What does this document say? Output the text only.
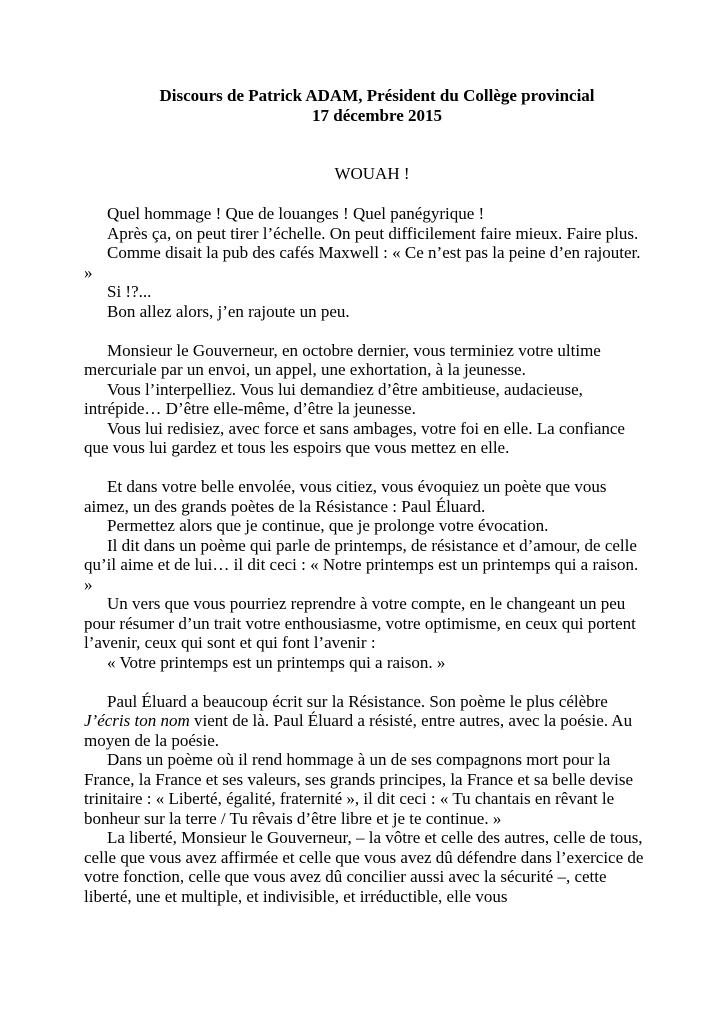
Discours de Patrick ADAM, Président du Collège provincial
17 décembre 2015
WOUAH !

Quel hommage ! Que de louanges ! Quel panégyrique !

Après ça, on peut tirer l’échelle. On peut difficilement faire mieux. Faire plus.

Comme disait la pub des cafés Maxwell : « Ce n’est pas la peine d’en rajouter. »

Si !?...

Bon allez alors, j’en rajoute un peu.

Monsieur le Gouverneur, en octobre dernier, vous terminiez votre ultime mercuriale par un envoi, un appel, une exhortation, à la jeunesse.

Vous l’interpelliez. Vous lui demandiez d’être ambitieuse, audacieuse, intrépide… D’être elle-même, d’être la jeunesse.

Vous lui redisiez, avec force et sans ambages, votre foi en elle. La confiance que vous lui gardez et tous les espoirs que vous mettez en elle.

Et dans votre belle envolée, vous citiez, vous évoquiez un poète que vous aimez, un des grands poètes de la Résistance : Paul Éluard.

Permettez alors que je continue, que je prolonge votre évocation.

Il dit dans un poème qui parle de printemps, de résistance et d’amour, de celle qu’il aime et de lui… il dit ceci : « Notre printemps est un printemps qui a raison. »

Un vers que vous pourriez reprendre à votre compte, en le changeant un peu pour résumer d’un trait votre enthousiasme, votre optimisme, en ceux qui portent l’avenir, ceux qui sont et qui font l’avenir :

« Votre printemps est un printemps qui a raison. »

Paul Éluard a beaucoup écrit sur la Résistance. Son poème le plus célèbre J’écris ton nom vient de là. Paul Éluard a résisté, entre autres, avec la poésie. Au moyen de la poésie.

Dans un poème où il rend hommage à un de ses compagnons mort pour la France, la France et ses valeurs, ses grands principes, la France et sa belle devise trinitaire : « Liberté, égalité, fraternité », il dit ceci : « Tu chantais en rêvant le bonheur sur la terre / Tu rêvais d’être libre et je te continue. »

La liberté, Monsieur le Gouverneur, – la vôtre et celle des autres, celle de tous, celle que vous avez affirmée et celle que vous avez dû défendre dans l’exercice de votre fonction, celle que vous avez dû concilier aussi avec la sécurité –, cette liberté, une et multiple, et indivisible, et irréductible, elle vous
